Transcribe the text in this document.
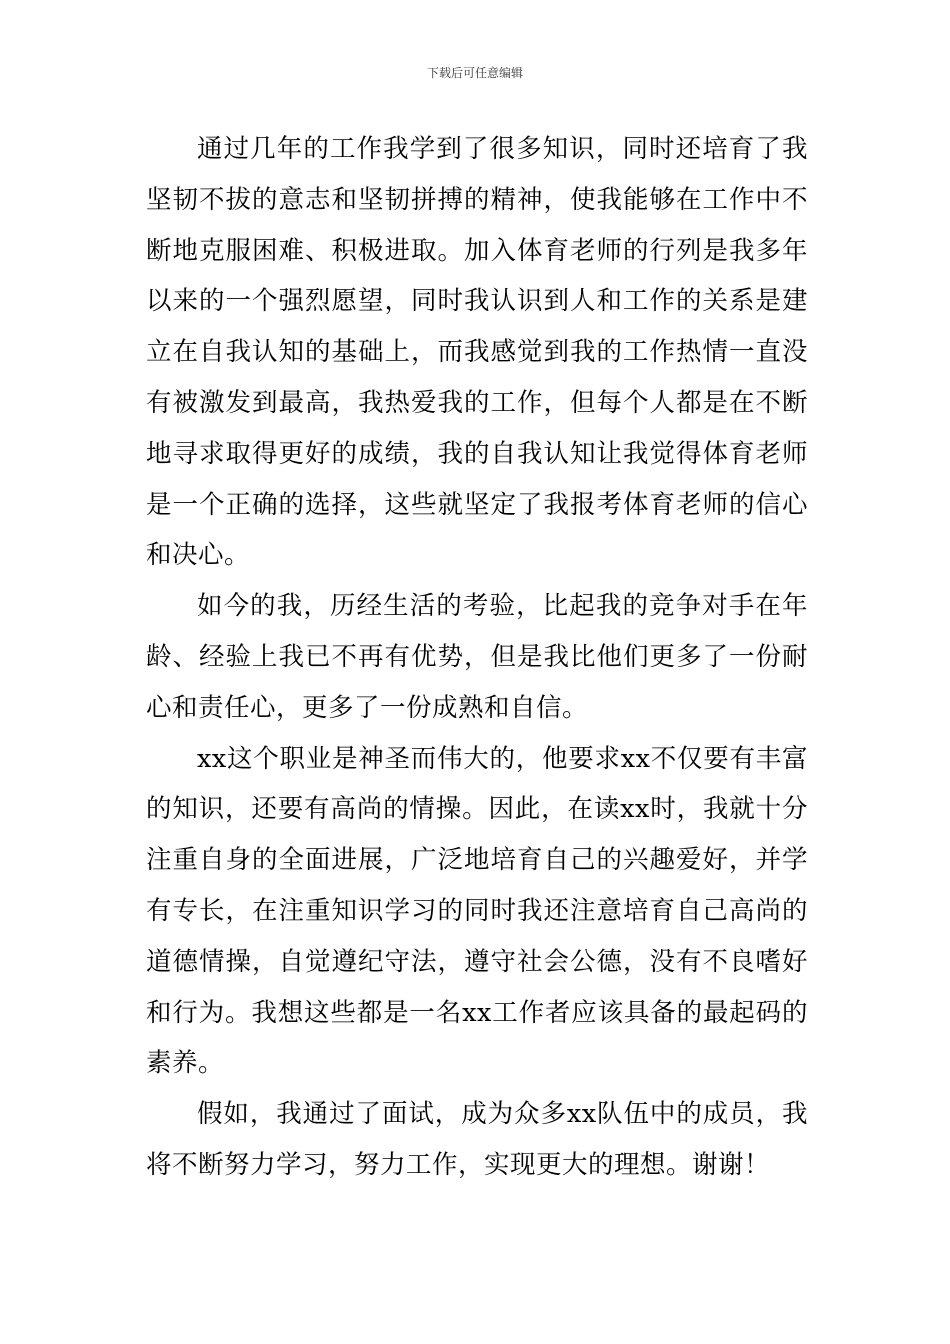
下载后可任意编辑

通过几年的工作我学到了很多知识，同时还培育了我坚韧不拔的意志和坚韧拼搏的精神，使我能够在工作中不断地克服困难、积极进取。加入体育老师的行列是我多年以来的一个强烈愿望，同时我认识到人和工作的关系是建立在自我认知的基础上，而我感觉到我的工作热情一直没有被激发到最高，我热爱我的工作，但每个人都是在不断地寻求取得更好的成绩，我的自我认知让我觉得体育老师是一个正确的选择，这些就坚定了我报考体育老师的信心和决心。

如今的我，历经生活的考验，比起我的竞争对手在年龄、经验上我已不再有优势，但是我比他们更多了一份耐心和责任心，更多了一份成熟和自信。

xx这个职业是神圣而伟大的，他要求xx不仅要有丰富的知识，还要有高尚的情操。因此，在读xx时，我就十分注重自身的全面进展，广泛地培育自己的兴趣爱好，并学有专长，在注重知识学习的同时我还注意培育自己高尚的道德情操，自觉遵纪守法，遵守社会公德，没有不良嗜好和行为。我想这些都是一名xx工作者应该具备的最起码的素养。

假如，我通过了面试，成为众多xx队伍中的成员，我将不断努力学习，努力工作，实现更大的理想。谢谢！
